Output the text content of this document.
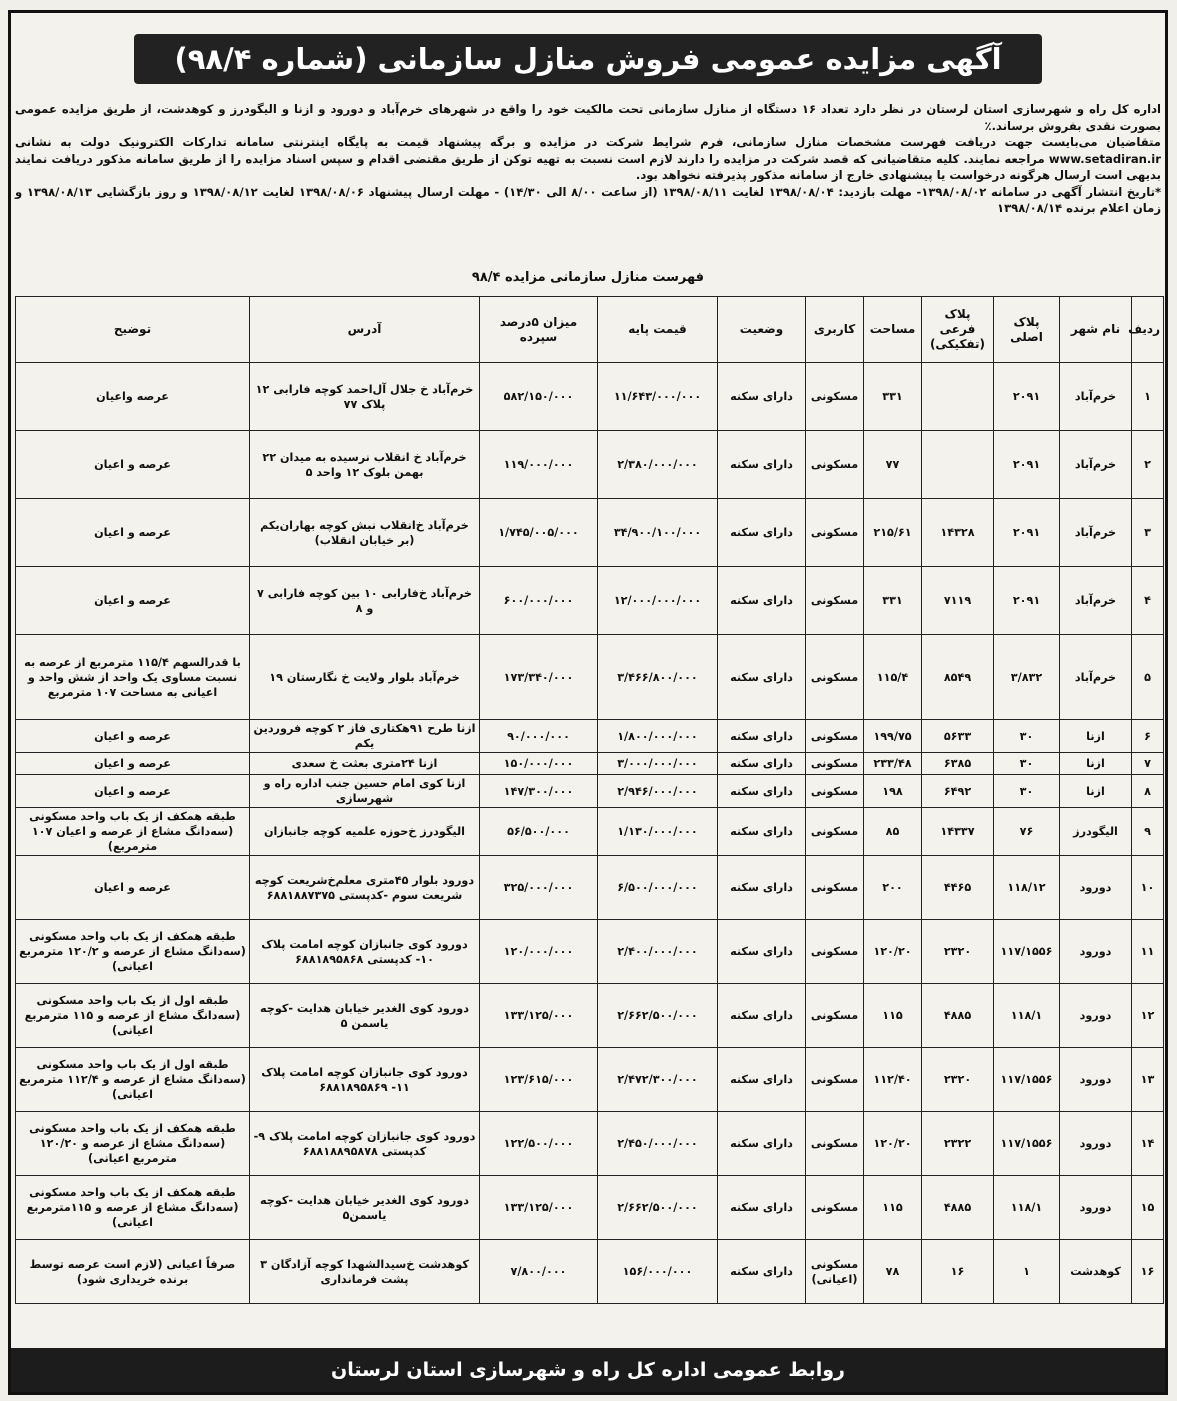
آگهی مزایده عمومی فروش منازل سازمانی (شماره ۹۸/۴)

اداره کل راه و شهرسازی استان لرستان در نظر دارد تعداد ۱۶ دستگاه از منازل سازمانی تحت مالکیت خود را واقع در شهرهای خرم‌آباد و دورود و ازنا و الیگودرز و کوهدشت، از طریق مزایده عمومی بصورت نقدی بفروش برساند.٪

متقاضیان می‌بایست جهت دریافت فهرست مشخصات منازل سازمانی، فرم شرایط شرکت در مزایده و برگه پیشنهاد قیمت به پایگاه اینترنتی سامانه تدارکات الکترونیک دولت به نشانی www.setadiran.ir مراجعه نمایند. کلیه متقاضیانی که قصد شرکت در مزایده را دارند لازم است نسبت به تهیه توکن از طریق مقتضی اقدام و سپس اسناد مزایده را از طریق سامانه مذکور دریافت نمایند بدیهی است ارسال هرگونه درخواست یا پیشنهادی خارج از سامانه مذکور پذیرفته نخواهد بود.

*تاریخ انتشار آگهی در سامانه ۱۳۹۸/۰۸/۰۲- مهلت بازدید: ۱۳۹۸/۰۸/۰۴ لغایت ۱۳۹۸/۰۸/۱۱ (از ساعت ۸/۰۰ الی ۱۴/۳۰) - مهلت ارسال پیشنهاد ۱۳۹۸/۰۸/۰۶ لغایت ۱۳۹۸/۰۸/۱۲ و روز بازگشایی ۱۳۹۸/۰۸/۱۳ و زمان اعلام برنده ۱۳۹۸/۰۸/۱۴

فهرست منازل سازمانی مزایده ۹۸/۴
ردیف	نام شهر	پلاک اصلی	پلاک فرعی (تفکیکی)	مساحت	کاربری	وضعیت	قیمت پایه	میزان ۵درصد سپرده	آدرس	توضیح
۱	خرم‌آباد	۲۰۹۱		۳۳۱	مسکونی	دارای سکنه	۱۱/۶۴۳/۰۰۰/۰۰۰	۵۸۲/۱۵۰/۰۰۰	خرم‌آباد خ جلال آل‌احمد کوچه فارابی ۱۲ پلاک ۷۷	عرصه واعیان
۲	خرم‌آباد	۲۰۹۱		۷۷	مسکونی	دارای سکنه	۲/۳۸۰/۰۰۰/۰۰۰	۱۱۹/۰۰۰/۰۰۰	خرم‌آباد خ انقلاب نرسیده به میدان ۲۲ بهمن بلوک ۱۲ واحد ۵	عرصه و اعیان
۳	خرم‌آباد	۲۰۹۱	۱۴۳۲۸	۲۱۵/۶۱	مسکونی	دارای سکنه	۳۴/۹۰۰/۱۰۰/۰۰۰	۱/۷۴۵/۰۰۵/۰۰۰	خرم‌آباد خ‌انقلاب نبش کوچه بهاران‌یکم (بر خیابان انقلاب)	عرصه و اعیان
۴	خرم‌آباد	۲۰۹۱	۷۱۱۹	۳۳۱	مسکونی	دارای سکنه	۱۲/۰۰۰/۰۰۰/۰۰۰	۶۰۰/۰۰۰/۰۰۰	خرم‌آباد خ‌فارابی ۱۰ بین کوچه فارابی ۷ و ۸	عرصه و اعیان
۵	خرم‌آباد	۳/۸۳۲	۸۵۴۹	۱۱۵/۴	مسکونی	دارای سکنه	۳/۴۶۶/۸۰۰/۰۰۰	۱۷۳/۳۴۰/۰۰۰	خرم‌آباد بلوار ولایت خ نگارستان ۱۹	با قدرالسهم ۱۱۵/۴ مترمربع از عرصه به نسبت مساوی یک واحد از شش واحد و اعیانی به مساحت ۱۰۷ مترمربع
۶	ازنا	۳۰	۵۶۳۳	۱۹۹/۷۵	مسکونی	دارای سکنه	۱/۸۰۰/۰۰۰/۰۰۰	۹۰/۰۰۰/۰۰۰	ازنا طرح ۹۱هکتاری فاز ۲ کوچه فروردین یکم	عرصه و اعیان
۷	ازنا	۳۰	۶۳۸۵	۲۳۳/۴۸	مسکونی	دارای سکنه	۳/۰۰۰/۰۰۰/۰۰۰	۱۵۰/۰۰۰/۰۰۰	ازنا ۲۴متری بعثت خ سعدی	عرصه و اعیان
۸	ازنا	۳۰	۶۴۹۲	۱۹۸	مسکونی	دارای سکنه	۲/۹۴۶/۰۰۰/۰۰۰	۱۴۷/۳۰۰/۰۰۰	ازنا کوی امام حسین جنب اداره راه و شهرسازی	عرصه و اعیان
۹	الیگودرز	۷۶	۱۴۳۳۷	۸۵	مسکونی	دارای سکنه	۱/۱۳۰/۰۰۰/۰۰۰	۵۶/۵۰۰/۰۰۰	الیگودرز خ‌حوزه علمیه کوچه جانبازان	طبقه همکف از یک باب واحد مسکونی (سه‌دانگ مشاع از عرصه و اعیان ۱۰۷ مترمربع)
۱۰	دورود	۱۱۸/۱۲	۴۴۶۵	۲۰۰	مسکونی	دارای سکنه	۶/۵۰۰/۰۰۰/۰۰۰	۳۲۵/۰۰۰/۰۰۰	دورود بلوار ۴۵متری معلم‌خ‌شریعت کوچه شریعت سوم -کدپستی ۶۸۸۱۸۸۷۳۷۵	عرصه و اعیان
۱۱	دورود	۱۱۷/۱۵۵۶	۲۳۲۰	۱۲۰/۲۰	مسکونی	دارای سکنه	۲/۴۰۰/۰۰۰/۰۰۰	۱۲۰/۰۰۰/۰۰۰	دورود کوی جانبازان کوچه امامت پلاک ۱۰- کدپستی ۶۸۸۱۸۹۵۸۶۸	طبقه همکف از یک باب واحد مسکونی (سه‌دانگ مشاع از عرصه و ۱۲۰/۲ مترمربع اعیانی)
۱۲	دورود	۱۱۸/۱	۴۸۸۵	۱۱۵	مسکونی	دارای سکنه	۲/۶۶۲/۵۰۰/۰۰۰	۱۳۳/۱۲۵/۰۰۰	دورود کوی الغدیر خیابان هدایت -کوچه یاسمن ۵	طبقه اول از یک باب واحد مسکونی (سه‌دانگ مشاع از عرصه و ۱۱۵ مترمربع اعیانی)
۱۳	دورود	۱۱۷/۱۵۵۶	۲۳۲۰	۱۱۲/۴۰	مسکونی	دارای سکنه	۲/۴۷۲/۳۰۰/۰۰۰	۱۲۳/۶۱۵/۰۰۰	دورود کوی جانبازان کوچه امامت پلاک ۱۱- ۶۸۸۱۸۹۵۸۶۹	طبقه اول از یک باب واحد مسکونی (سه‌دانگ مشاع از عرصه و ۱۱۲/۴ مترمربع اعیانی)
۱۴	دورود	۱۱۷/۱۵۵۶	۲۳۲۲	۱۲۰/۲۰	مسکونی	دارای سکنه	۲/۴۵۰/۰۰۰/۰۰۰	۱۲۲/۵۰۰/۰۰۰	دورود کوی جانبازان کوچه امامت پلاک ۹- کدپستی ۶۸۸۱۸۸۹۵۸۷۸	طبقه همکف از یک باب واحد مسکونی (سه‌دانگ مشاع از عرصه و ۱۲۰/۲۰ مترمربع اعیانی)
۱۵	دورود	۱۱۸/۱	۴۸۸۵	۱۱۵	مسکونی	دارای سکنه	۲/۶۶۲/۵۰۰/۰۰۰	۱۳۳/۱۲۵/۰۰۰	دورود کوی الغدیر خیابان هدایت -کوچه یاسمن۵	طبقه همکف از یک باب واحد مسکونی (سه‌دانگ مشاع از عرصه و ۱۱۵مترمربع اعیانی)
۱۶	کوهدشت	۱	۱۶	۷۸	مسکونی (اعیانی)	دارای سکنه	۱۵۶/۰۰۰/۰۰۰	۷/۸۰۰/۰۰۰	کوهدشت خ‌سیدالشهدا کوچه آزادگان ۳ پشت فرمانداری	صرفاً اعیانی (لازم است عرصه توسط برنده خریداری شود)
روابط عمومی اداره کل راه و شهرسازی استان لرستان
